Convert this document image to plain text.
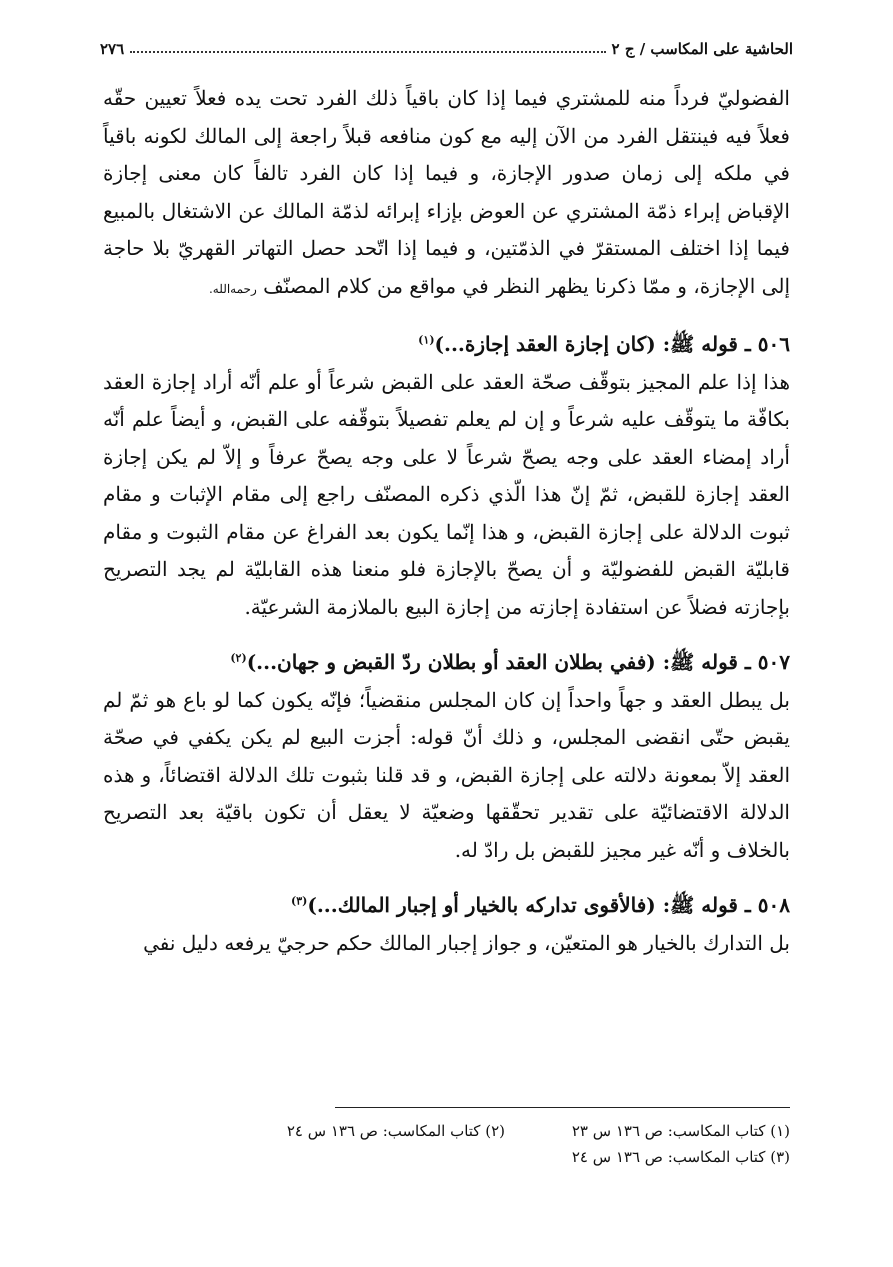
٢٧٦	الحاشية على المكاسب / ج ٢

الفضوليّ فرداً منه للمشتري فيما إذا كان باقياً ذلك الفرد تحت يده فعلاً تعيين حقّه فعلاً فيه فينتقل الفرد من الآن إليه مع كون منافعه قبلاً راجعة إلى المالك لكونه باقياً في ملكه إلى زمان صدور الإجازة، و فيما إذا كان الفرد تالفاً كان معنى إجازة الإقباض إبراء ذمّة المشتري عن العوض بإزاء إبرائه لذمّة المالك عن الاشتغال بالمبيع فيما إذا اختلف المستقرّ في الذمّتين، و فيما إذا اتّحد حصل التهاتر القهريّ بلا حاجة إلى الإجازة، و ممّا ذكرنا يظهر النظر في مواقع من كلام المصنّف رحمه‌الله.

٥٠٦ ـ قوله ﷺ: (كان إجازة العقد إجازة...)$^{(١)}$

هذا إذا علم المجيز بتوقّف صحّة العقد على القبض شرعاً أو علم أنّه أراد إجازة العقد بكافّة ما يتوقّف عليه شرعاً و إن لم يعلم تفصيلاً بتوقّفه على القبض، و أيضاً علم أنّه أراد إمضاء العقد على وجه يصحّ شرعاً لا على وجه يصحّ عرفاً و إلاّ لم يكن إجازة العقد إجازة للقبض، ثمّ إنّ هذا الّذي ذكره المصنّف راجع إلى مقام الإثبات و مقام ثبوت الدلالة على إجازة القبض، و هذا إنّما يكون بعد الفراغ عن مقام الثبوت و مقام قابليّة القبض للفضوليّة و أن يصحّ بالإجازة فلو منعنا هذه القابليّة لم يجد التصريح بإجازته فضلاً عن استفادة إجازته من إجازة البيع بالملازمة الشرعيّة.

٥٠٧ ـ قوله ﷺ: (ففي بطلان العقد أو بطلان ردّ القبض و جهان...)$^{(٢)}$

بل يبطل العقد و جهاً واحداً إن كان المجلس منقضياً؛ فإنّه يكون كما لو باع هو ثمّ لم يقبض حتّى انقضى المجلس، و ذلك أنّ قوله: أجزت البيع لم يكن يكفي في صحّة العقد إلاّ بمعونة دلالته على إجازة القبض، و قد قلنا بثبوت تلك الدلالة اقتضائاً، و هذه الدلالة الاقتضائيّة على تقدير تحقّقها وضعيّة لا يعقل أن تكون باقيّة بعد التصريح بالخلاف و أنّه غير مجيز للقبض بل رادّ له.

٥٠٨ ـ قوله ﷺ: (فالأقوى تداركه بالخيار أو إجبار المالك...)$^{(٣)}$

بل التدارك بالخيار هو المتعيّن، و جواز إجبار المالك حكم حرجيّ يرفعه دليل نفي

(١) كتاب المكاسب: ص ١٣٦ س ٢٣
(٢) كتاب المكاسب: ص ١٣٦ س ٢٤
(٣) كتاب المكاسب: ص ١٣٦ س ٢٤
